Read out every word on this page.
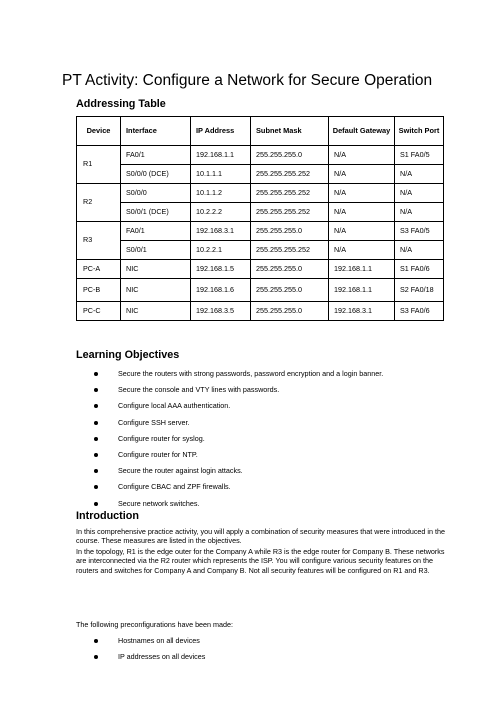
PT Activity: Configure a Network for Secure Operation
Addressing Table
Device	Interface	IP Address	Subnet Mask	Default Gateway	Switch Port
R1	FA0/1	192.168.1.1	255.255.255.0	N/A	S1 FA0/5
	S0/0/0 (DCE)	10.1.1.1	255.255.255.252	N/A	N/A
R2	S0/0/0	10.1.1.2	255.255.255.252	N/A	N/A
	S0/0/1 (DCE)	10.2.2.2	255.255.255.252	N/A	N/A
R3	FA0/1	192.168.3.1	255.255.255.0	N/A	S3 FA0/5
	S0/0/1	10.2.2.1	255.255.255.252	N/A	N/A
PC-A	NIC	192.168.1.5	255.255.255.0	192.168.1.1	S1 FA0/6
PC-B	NIC	192.168.1.6	255.255.255.0	192.168.1.1	S2 FA0/18
PC-C	NIC	192.168.3.5	255.255.255.0	192.168.3.1	S3 FA0/6
Learning Objectives
Secure the routers with strong passwords, password encryption and a login banner.
Secure the console and VTY lines with passwords.
Configure local AAA authentication.
Configure SSH server.
Configure router for syslog.
Configure router for NTP.
Secure the router against login attacks.
Configure CBAC and ZPF firewalls.
Secure network switches.
Introduction
In this comprehensive practice activity, you will apply a combination of security measures that were introduced in the course. These measures are listed in the objectives.
In the topology, R1 is the edge outer for the Company A while R3 is the edge router for Company B. These networks are interconnected via the R2 router which represents the ISP. You will configure various security features on the routers and switches for Company A and Company B. Not all security features will be configured on R1 and R3.
The following preconfigurations have been made:
Hostnames on all devices
IP addresses on all devices
